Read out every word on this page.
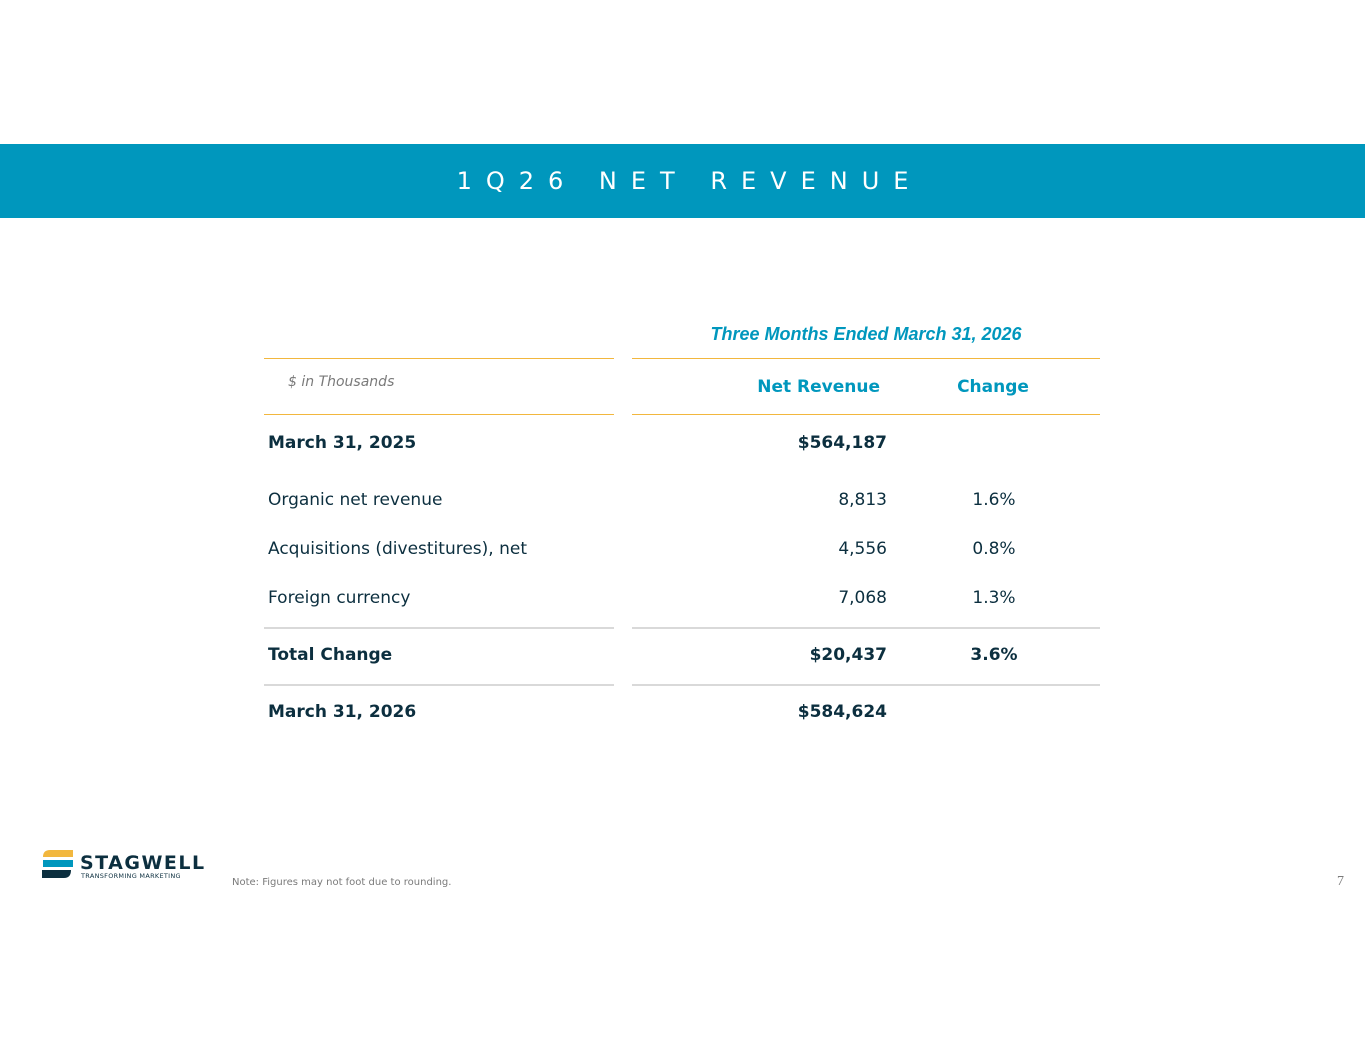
1Q26 NET REVENUE
Three Months Ended March 31, 2026
$ in Thousands	Net Revenue	Change
March 31, 2025	$564,187
Organic net revenue	8,813	1.6%
Acquisitions (divestitures), net	4,556	0.8%
Foreign currency	7,068	1.3%
Total Change	$20,437	3.6%
March 31, 2026	$584,624
STAGWELL
TRANSFORMING MARKETING
Note: Figures may not foot due to rounding.	7
